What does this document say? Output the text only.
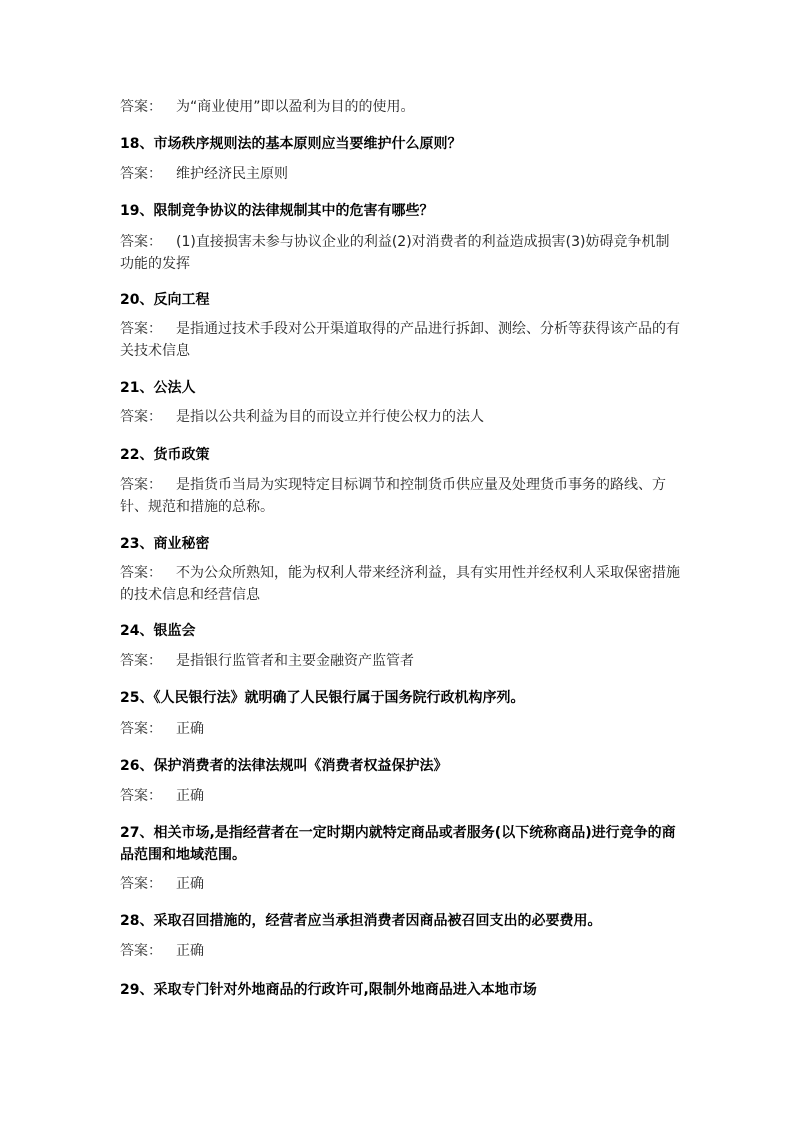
答案： 为“商业使用”即以盈利为目的的使用。
18、市场秩序规则法的基本原则应当要维护什么原则？
答案： 维护经济民主原则
19、限制竞争协议的法律规制其中的危害有哪些？
答案： (1)直接损害未参与协议企业的利益(2)对消费者的利益造成损害(3)妨碍竞争机制功能的发挥
20、反向工程
答案： 是指通过技术手段对公开渠道取得的产品进行拆卸、测绘、分析等获得该产品的有关技术信息
21、公法人
答案： 是指以公共利益为目的而设立并行使公权力的法人
22、货币政策
答案： 是指货币当局为实现特定目标调节和控制货币供应量及处理货币事务的路线、方针、规范和措施的总称。
23、商业秘密
答案： 不为公众所熟知，能为权利人带来经济利益，具有实用性并经权利人采取保密措施的技术信息和经营信息
24、银监会
答案： 是指银行监管者和主要金融资产监管者
25、《人民银行法》就明确了人民银行属于国务院行政机构序列。
答案： 正确
26、保护消费者的法律法规叫《消费者权益保护法》
答案： 正确
27、相关市场,是指经营者在一定时期内就特定商品或者服务(以下统称商品)进行竞争的商品范围和地域范围。
答案： 正确
28、采取召回措施的，经营者应当承担消费者因商品被召回支出的必要费用。
答案： 正确
29、采取专门针对外地商品的行政许可,限制外地商品进入本地市场
